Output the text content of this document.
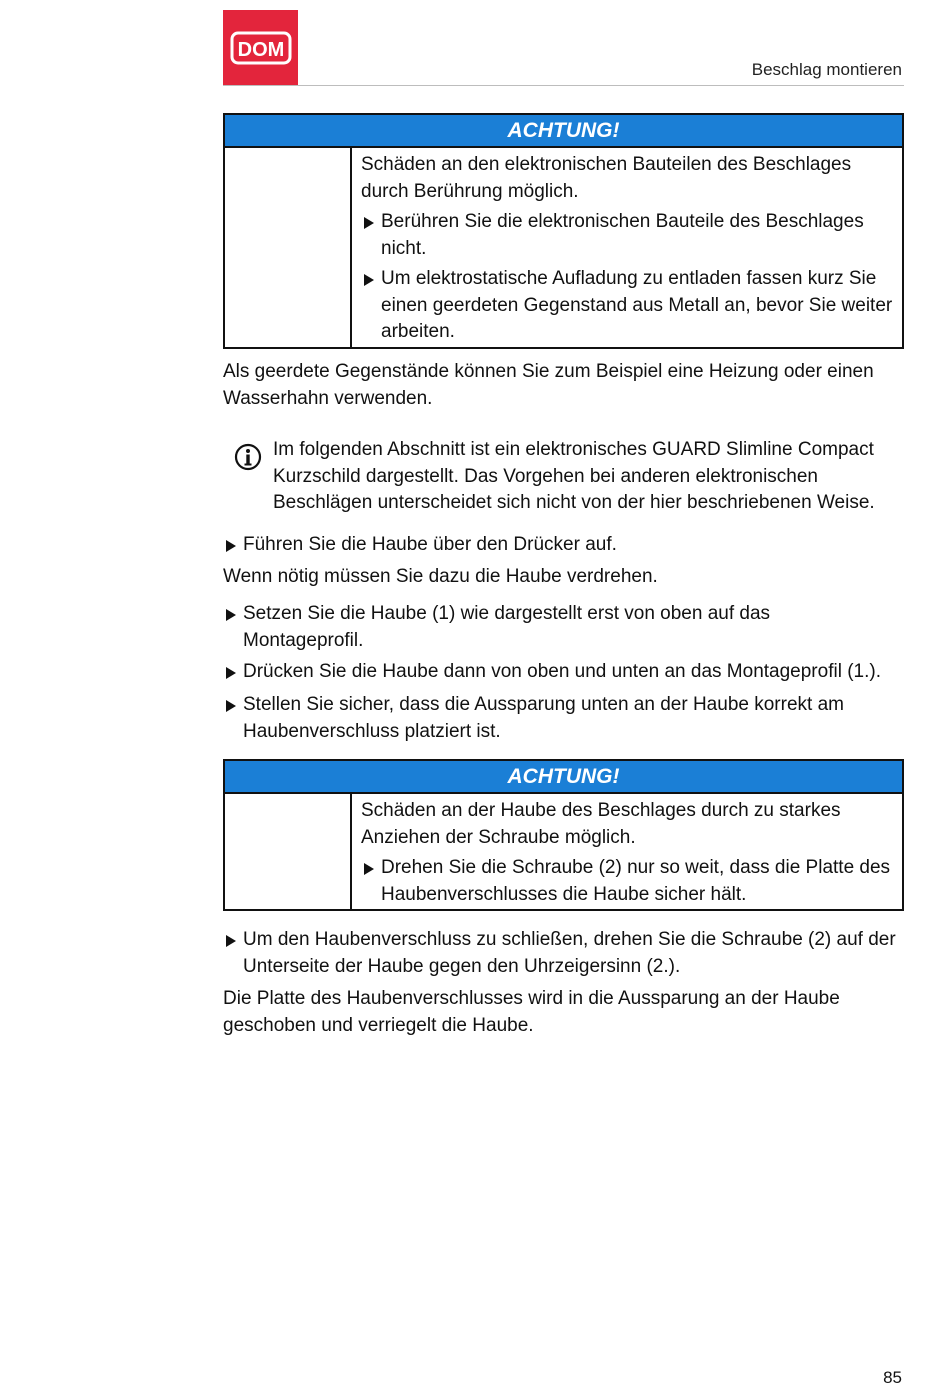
DOM
Beschlag montieren
ACHTUNG!
Schäden an den elektronischen Bauteilen des Beschlages durch Berührung möglich.
Berühren Sie die elektronischen Bauteile des Beschlages nicht.
Um elektrostatische Aufladung zu entladen fassen kurz Sie einen geerdeten Gegenstand aus Metall an, bevor Sie weiter arbeiten.

Als geerdete Gegenstände können Sie zum Beispiel eine Heizung oder einen Wasserhahn verwenden.

Im folgenden Abschnitt ist ein elektronisches GUARD Slimline Compact Kurzschild dargestellt. Das Vorgehen bei anderen elektronischen Beschlägen unterscheidet sich nicht von der hier beschriebenen Weise.

Führen Sie die Haube über den Drücker auf.

Wenn nötig müssen Sie dazu die Haube verdrehen.

Setzen Sie die Haube (1) wie dargestellt erst von oben auf das Montageprofil.
Drücken Sie die Haube dann von oben und unten an das Montageprofil (1.).
Stellen Sie sicher, dass die Aussparung unten an der Haube korrekt am Haubenverschluss platziert ist.
ACHTUNG!
Schäden an der Haube des Beschlages durch zu starkes Anziehen der Schraube möglich.
Drehen Sie die Schraube (2) nur so weit, dass die Platte des Haubenverschlusses die Haube sicher hält.
Um den Haubenverschluss zu schließen, drehen Sie die Schraube (2) auf der Unterseite der Haube gegen den Uhrzeigersinn (2.).

Die Platte des Haubenverschlusses wird in die Aussparung an der Haube geschoben und verriegelt die Haube.

85
